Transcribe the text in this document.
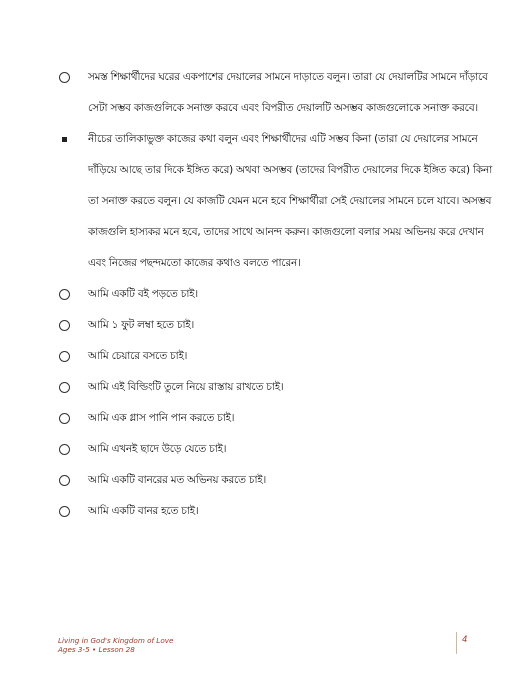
সমস্ত শিক্ষার্থীদের ঘরের একপাশের দেয়ালের সামনে দাড়াতে বলুন। তারা যে দেয়ালটির সামনে দাঁড়াবে সেটা সম্ভব কাজগুলিকে সনাক্ত করবে এবং বিপরীত দেয়ালটি অসম্ভব কাজগুলোকে সনাক্ত করবে।
নীচের তালিকাভুক্ত কাজের কথা বলুন এবং শিক্ষার্থীদের এটি সম্ভব কিনা (তারা যে দেয়ালের সামনে দাঁড়িয়ে আছে তার দিকে ইঙ্গিত করে) অথবা অসম্ভব (তাদের বিপরীত দেয়ালের দিকে ইঙ্গিত করে) কিনা তা সনাক্ত করতে বলুন। যে কাজটি যেমন মনে হবে শিক্ষার্থীরা সেই দেয়ালের সামনে চলে যাবে। অসম্ভব কাজগুলি হাস্যকর মনে হবে, তাদের সাথে আনন্দ করুন। কাজগুলো বলার সময় অভিনয় করে দেখান এবং নিজের পছন্দমতো কাজের কথাও বলতে পারেন।
আমি একটি বই পড়তে চাই।
আমি ১ ফুট লম্বা হতে চাই।
আমি চেয়ারে বসতে চাই।
আমি এই বিল্ডিংটি তুলে নিয়ে রাস্তায় রাখতে চাই।
আমি এক গ্লাস পানি পান করতে চাই।
আমি এখনই ছাদে উড়ে যেতে চাই।
আমি একটি বানরের মত অভিনয় করতে চাই।
আমি একটি বানর হতে চাই।
Living in God's Kingdom of Love
Ages 3-5 • Lesson 28
4
